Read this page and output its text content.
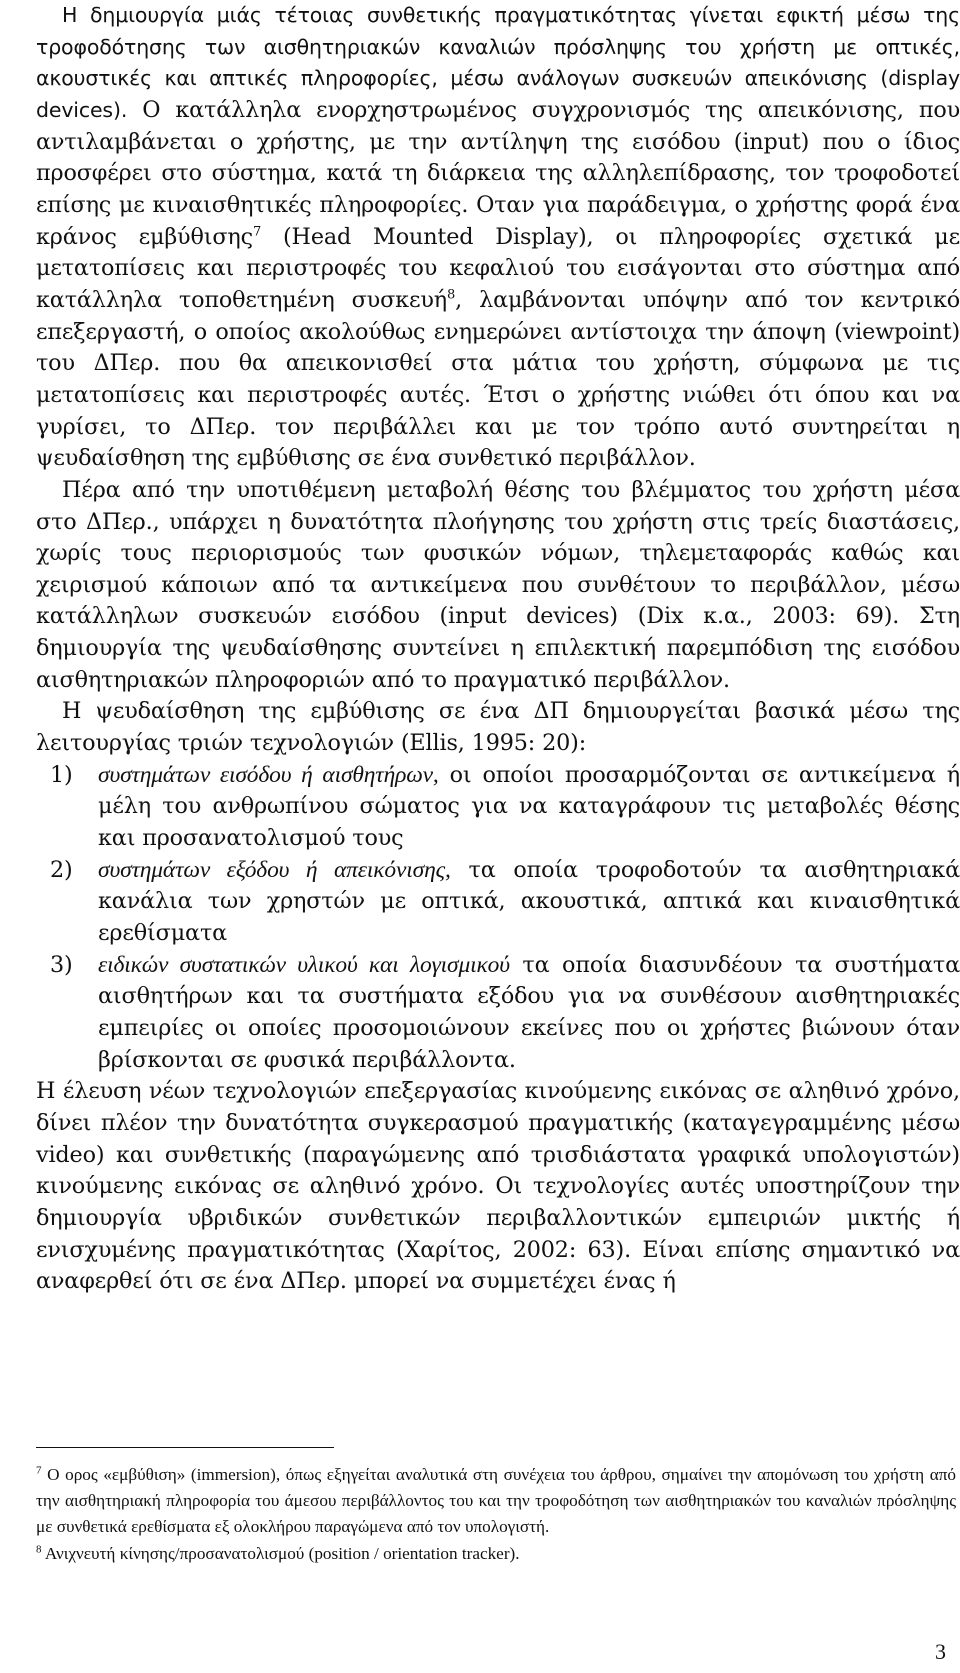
Η δημιουργία μιάς τέτοιας συνθετικής πραγματικότητας γίνεται εφικτή μέσω της τροφοδότησης των αισθητηριακών καναλιών πρόσληψης του χρήστη με οπτικές, ακουστικές και απτικές πληροφορίες, μέσω ανάλογων συσκευών απεικόνισης (display devices). Ο κατάλληλα ενορχηστρωμένος συγχρονισμός της απεικόνισης, που αντιλαμβάνεται ο χρήστης, με την αντίληψη της εισόδου (input) που ο ίδιος προσφέρει στο σύστημα, κατά τη διάρκεια της αλληλεπίδρασης, τον τροφοδοτεί επίσης με κιναισθητικές πληροφορίες. Οταν για παράδειγμα, ο χρήστης φορά ένα κράνος εμβύθισης$^7$ (Head Mounted Display), οι πληροφορίες σχετικά με μετατοπίσεις και περιστροφές του κεφαλιού του εισάγονται στο σύστημα από κατάλληλα τοποθετημένη συσκευή$^8$, λαμβάνονται υπόψην από τον κεντρικό επεξεργαστή, ο οποίος ακολούθως ενημερώνει αντίστοιχα την άποψη (viewpoint) του ΔΠερ. που θα απεικονισθεί στα μάτια του χρήστη, σύμφωνα με τις μετατοπίσεις και περιστροφές αυτές. Έτσι ο χρήστης νιώθει ότι όπου και να γυρίσει, το ΔΠερ. τον περιβάλλει και με τον τρόπο αυτό συντηρείται η ψευδαίσθηση της εμβύθισης σε ένα συνθετικό περιβάλλον.

Πέρα από την υποτιθέμενη μεταβολή θέσης του βλέμματος του χρήστη μέσα στο ΔΠερ., υπάρχει η δυνατότητα πλοήγησης του χρήστη στις τρείς διαστάσεις, χωρίς τους περιορισμούς των φυσικών νόμων, τηλεμεταφοράς καθώς και χειρισμού κάποιων από τα αντικείμενα που συνθέτουν το περιβάλλον, μέσω κατάλληλων συσκευών εισόδου (input devices) (Dix κ.α., 2003: 69). Στη δημιουργία της ψευδαίσθησης συντείνει η επιλεκτική παρεμπόδιση της εισόδου αισθητηριακών πληροφοριών από το πραγματικό περιβάλλον.

Η ψευδαίσθηση της εμβύθισης σε ένα ΔΠ δημιουργείται βασικά μέσω της λειτουργίας τριών τεχνολογιών (Ellis, 1995: 20):

1)	συστημάτων εισόδου ή αισθητήρων, οι οποίοι προσαρμόζονται σε αντικείμενα ή μέλη του ανθρωπίνου σώματος για να καταγράφουν τις μεταβολές θέσης και προσανατολισμού τους
2)	συστημάτων εξόδου ή απεικόνισης, τα οποία τροφοδοτούν τα αισθητηριακά κανάλια των χρηστών με οπτικά, ακουστικά, απτικά και κιναισθητικά ερεθίσματα
3)	ειδικών συστατικών υλικού και λογισμικού τα οποία διασυνδέουν τα συστήματα αισθητήρων και τα συστήματα εξόδου για να συνθέσουν αισθητηριακές εμπειρίες οι οποίες προσομοιώνουν εκείνες που οι χρήστες βιώνουν όταν βρίσκονται σε φυσικά περιβάλλοντα.

Η έλευση νέων τεχνολογιών επεξεργασίας κινούμενης εικόνας σε αληθινό χρόνο, δίνει πλέον την δυνατότητα συγκερασμού πραγματικής (καταγεγραμμένης μέσω video) και συνθετικής (παραγώμενης από τρισδιάστατα γραφικά υπολογιστών) κινούμενης εικόνας σε αληθινό χρόνο. Οι τεχνολογίες αυτές υποστηρίζουν την δημιουργία υβριδικών συνθετικών περιβαλλοντικών εμπειριών μικτής ή ενισχυμένης πραγματικότητας (Χαρίτος, 2002: 63). Είναι επίσης σημαντικό να αναφερθεί ότι σε ένα ΔΠερ. μπορεί να συμμετέχει ένας ή

$^7$ Ο ορος «εμβύθιση» (immersion), όπως εξηγείται αναλυτικά στη συνέχεια του άρθρου, σημαίνει την απομόνωση του χρήστη από την αισθητηριακή πληροφορία του άμεσου περιβάλλοντος του και την τροφοδότηση των αισθητηριακών του καναλιών πρόσληψης με συνθετικά ερεθίσματα εξ ολοκλήρου παραγώμενα από τον υπολογιστή.

$^8$ Ανιχνευτή κίνησης/προσανατολισμού (position / orientation tracker).

3
